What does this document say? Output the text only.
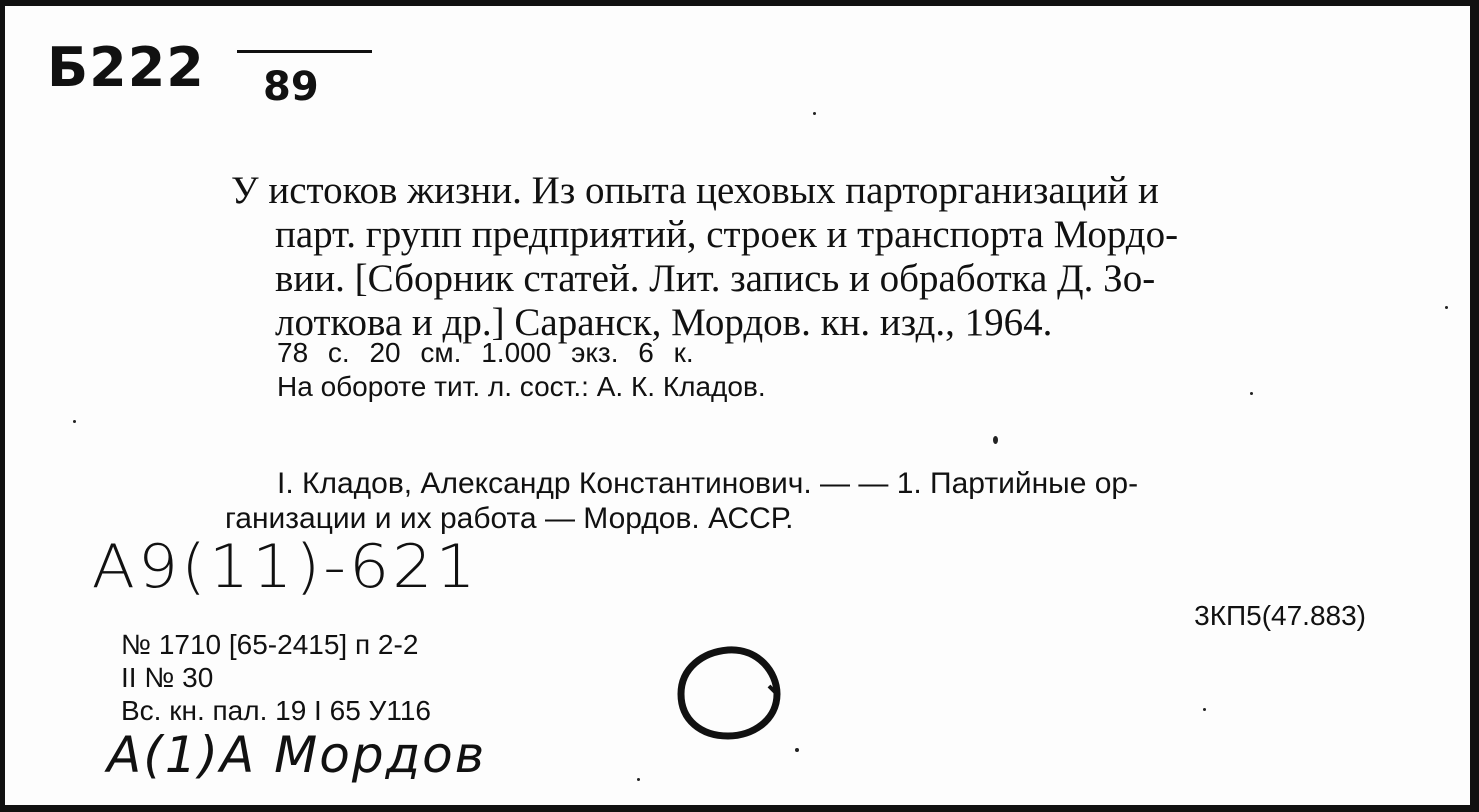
Б222 89
У истоков жизни. Из опыта цеховых парторганизаций и
парт. групп предприятий, строек и транспорта Мордо-
вии. [Сборник статей. Лит. запись и обработка Д. Зо-
лоткова и др.] Саранск, Мордов. кн. изд., 1964.
78 с. 20 см. 1.000 экз. 6 к.
На обороте тит. л. сост.: А. К. Кладов.
I. Кладов, Александр Константинович. — — 1. Партийные ор-
ганизации и их работа — Мордов. АССР.
А9(11)-621
3КП5(47.883)
№ 1710 [65-2415] п 2-2
II № 30
Вс. кн. пал. 19 I 65 У116
А(1)А Мордов
